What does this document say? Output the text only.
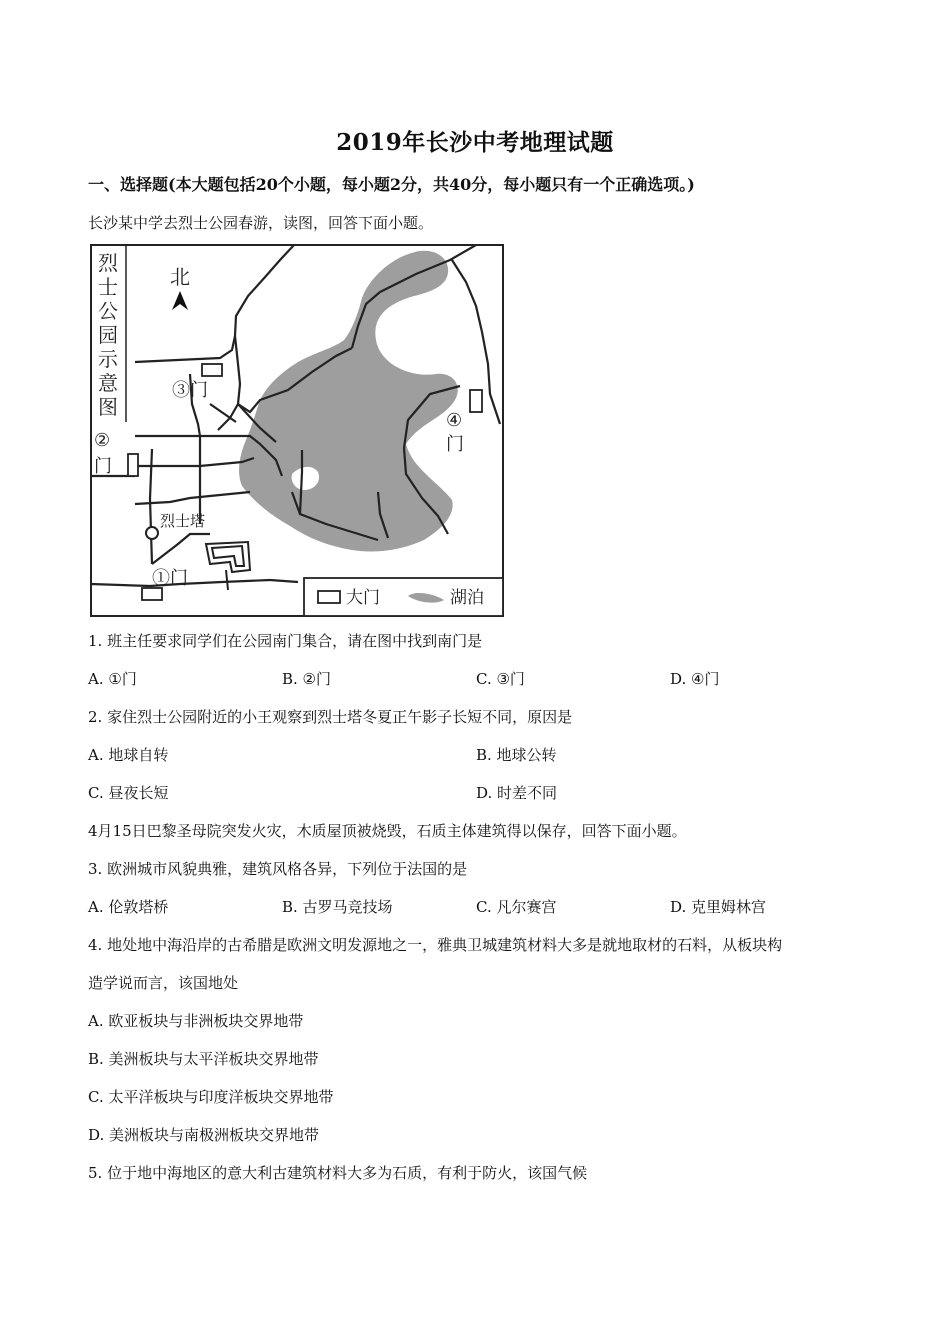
2019年长沙中考地理试题
一、选择题(本大题包括20个小题，每小题2分，共40分，每小题只有一个正确选项。)
长沙某中学去烈士公园春游，读图，回答下面小题。
烈
士
公
园
示
意
图
北
烈士塔
③门
②
门
④
门
①门
大门	湖泊
1. 班主任要求同学们在公园南门集合，请在图中找到南门是
A. ①门	B. ②门	C. ③门	D. ④门
2. 家住烈士公园附近的小王观察到烈士塔冬夏正午影子长短不同，原因是
A. 地球自转	B. 地球公转
C. 昼夜长短	D. 时差不同
4月15日巴黎圣母院突发火灾，木质屋顶被烧毁，石质主体建筑得以保存，回答下面小题。
3. 欧洲城市风貌典雅，建筑风格各异，下列位于法国的是
A. 伦敦塔桥	B. 古罗马竞技场	C. 凡尔赛宫	D. 克里姆林宫
4. 地处地中海沿岸的古希腊是欧洲文明发源地之一，雅典卫城建筑材料大多是就地取材的石料，从板块构
造学说而言，该国地处
A. 欧亚板块与非洲板块交界地带
B. 美洲板块与太平洋板块交界地带
C. 太平洋板块与印度洋板块交界地带
D. 美洲板块与南极洲板块交界地带
5. 位于地中海地区的意大利古建筑材料大多为石质，有利于防火，该国气候
